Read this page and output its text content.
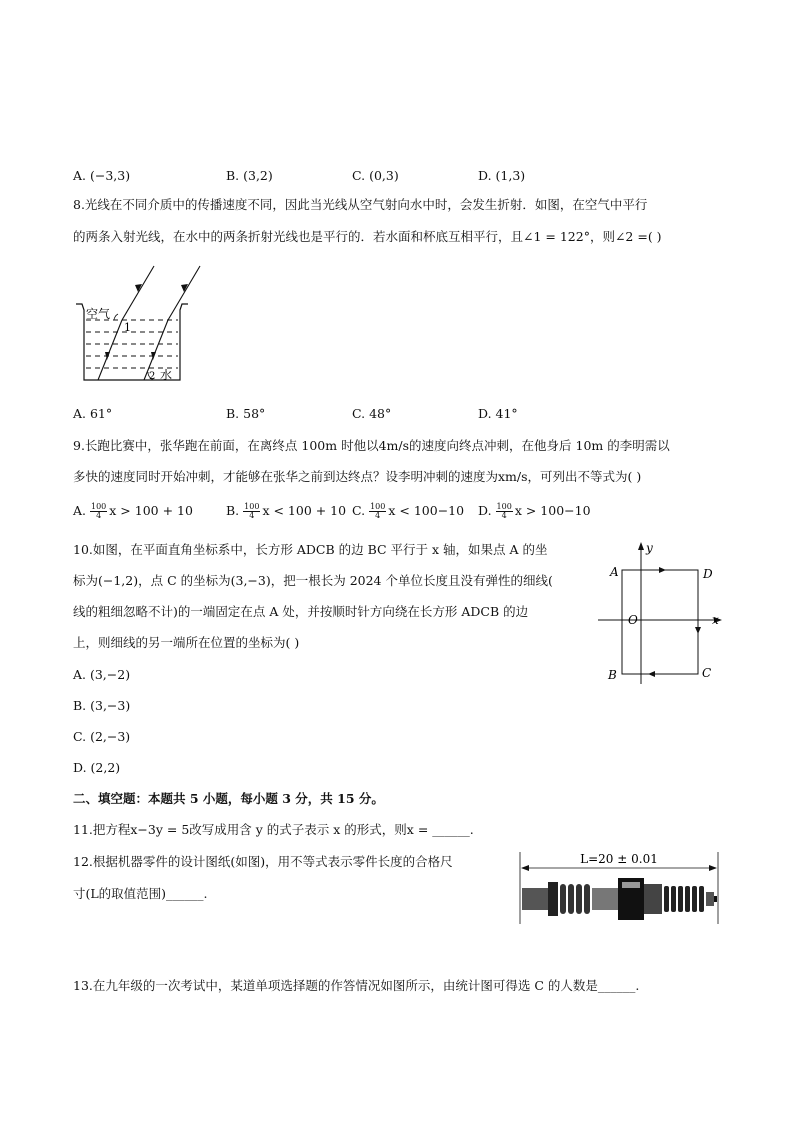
A. (−3,3)	B. (3,2)	C. (0,3)	D. (1,3)
8.光线在不同介质中的传播速度不同，因此当光线从空气射向水中时，会发生折射．如图，在空气中平行
的两条入射光线，在水中的两条折射光线也是平行的．若水面和杯底互相平行，且∠1 = 122°，则∠2 =( )
空气
1
2 水
A. 61°	B. 58°	C. 48°	D. 41°
9.长跑比赛中，张华跑在前面，在离终点 100m 时他以4m/s的速度向终点冲刺，在他身后 10m 的李明需以
多快的速度同时开始冲刺，才能够在张华之前到达终点？设李明冲刺的速度为xm/s，可列出不等式为( )
A. $\frac{100}{4}$ x > 100 + 10	B. $\frac{100}{4}$ x < 100 + 10 C. $\frac{100}{4}$ x < 100−10 D. $\frac{100}{4}$ x > 100−10
10.如图，在平面直角坐标系中，长方形 ADCB 的边 BC 平行于 x 轴，如果点 A 的坐
标为(−1,2)，点 C 的坐标为(3,−3)，把一根长为 2024 个单位长度且没有弹性的细线(
线的粗细忽略不计)的一端固定在点 A 处，并按顺时针方向绕在长方形 ADCB 的边
上，则细线的另一端所在位置的坐标为( )
y
x
O
A	D
B	C
A. (3,−2)
B. (3,−3)
C. (2,−3)
D. (2,2)
二、填空题：本题共 5 小题，每小题 3 分，共 15 分。
11.把方程x−3y = 5改写成用含 y 的式子表示 x 的形式，则x = ______.
12.根据机器零件的设计图纸(如图)，用不等式表示零件长度的合格尺
寸(L的取值范围)______.
L=20 ± 0.01
13.在九年级的一次考试中，某道单项选择题的作答情况如图所示，由统计图可得选 C 的人数是______.
